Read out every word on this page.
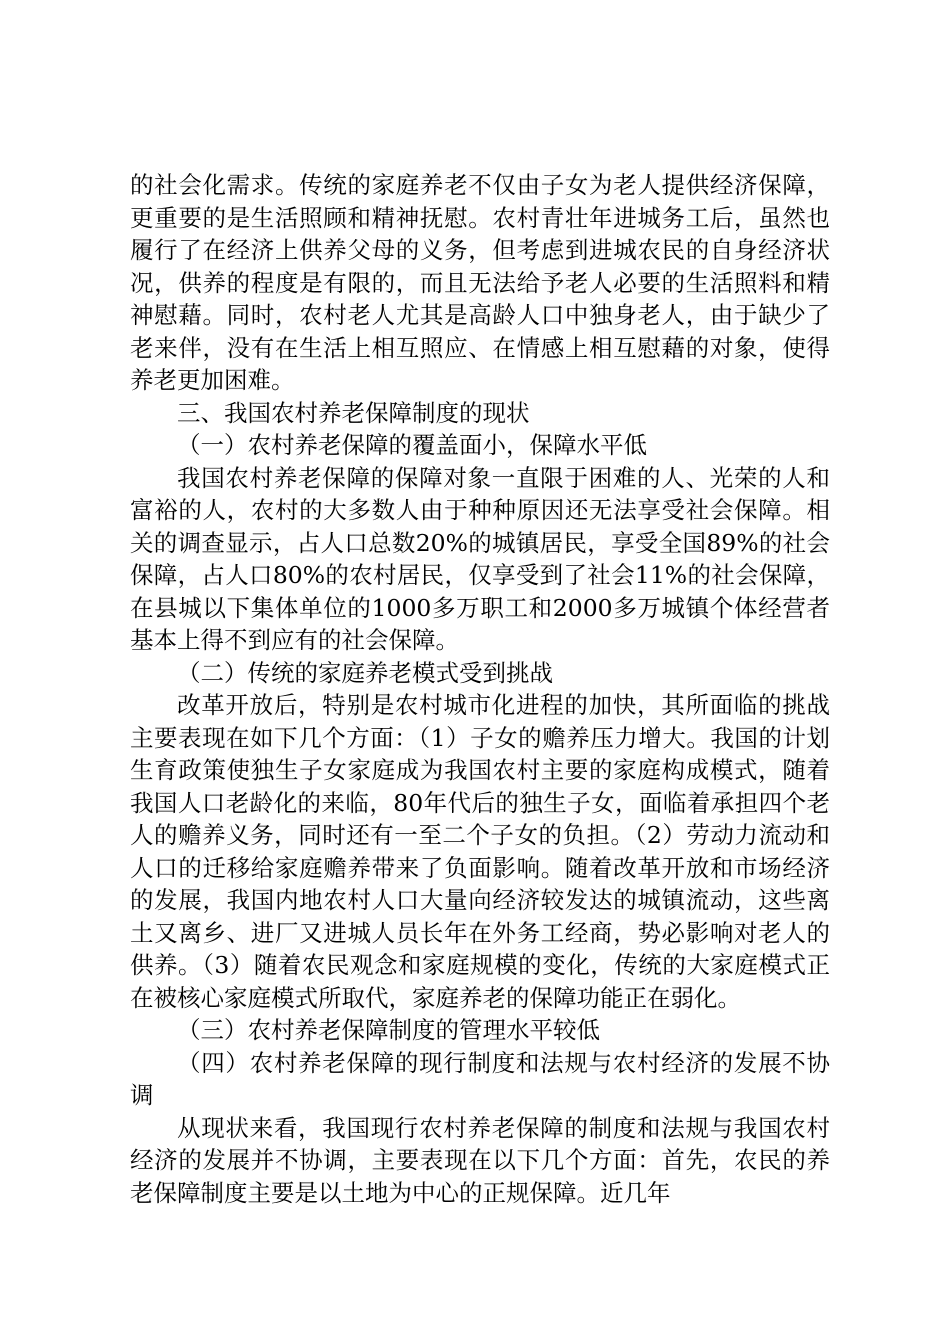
的社会化需求。传统的家庭养老不仅由子女为老人提供经济保障，更重要的是生活照顾和精神抚慰。农村青壮年进城务工后，虽然也履行了在经济上供养父母的义务，但考虑到进城农民的自身经济状况，供养的程度是有限的，而且无法给予老人必要的生活照料和精神慰藉。同时，农村老人尤其是高龄人口中独身老人，由于缺少了老来伴，没有在生活上相互照应、在情感上相互慰藉的对象，使得养老更加困难。

三、我国农村养老保障制度的现状

（一）农村养老保障的覆盖面小，保障水平低

我国农村养老保障的保障对象一直限于困难的人、光荣的人和富裕的人，农村的大多数人由于种种原因还无法享受社会保障。相关的调查显示，占人口总数20%的城镇居民，享受全国89%的社会保障，占人口80%的农村居民，仅享受到了社会11%的社会保障，在县城以下集体单位的1000多万职工和2000多万城镇个体经营者基本上得不到应有的社会保障。

（二）传统的家庭养老模式受到挑战

改革开放后，特别是农村城市化进程的加快，其所面临的挑战主要表现在如下几个方面：（1）子女的赡养压力增大。我国的计划生育政策使独生子女家庭成为我国农村主要的家庭构成模式，随着我国人口老龄化的来临，80年代后的独生子女，面临着承担四个老人的赡养义务，同时还有一至二个子女的负担。（2）劳动力流动和人口的迁移给家庭赡养带来了负面影响。随着改革开放和市场经济的发展，我国内地农村人口大量向经济较发达的城镇流动，这些离土又离乡、进厂又进城人员长年在外务工经商，势必影响对老人的供养。（3）随着农民观念和家庭规模的变化，传统的大家庭模式正在被核心家庭模式所取代，家庭养老的保障功能正在弱化。

（三）农村养老保障制度的管理水平较低

（四）农村养老保障的现行制度和法规与农村经济的发展不协调

从现状来看，我国现行农村养老保障的制度和法规与我国农村经济的发展并不协调，主要表现在以下几个方面：首先，农民的养老保障制度主要是以土地为中心的正规保障。近几年
